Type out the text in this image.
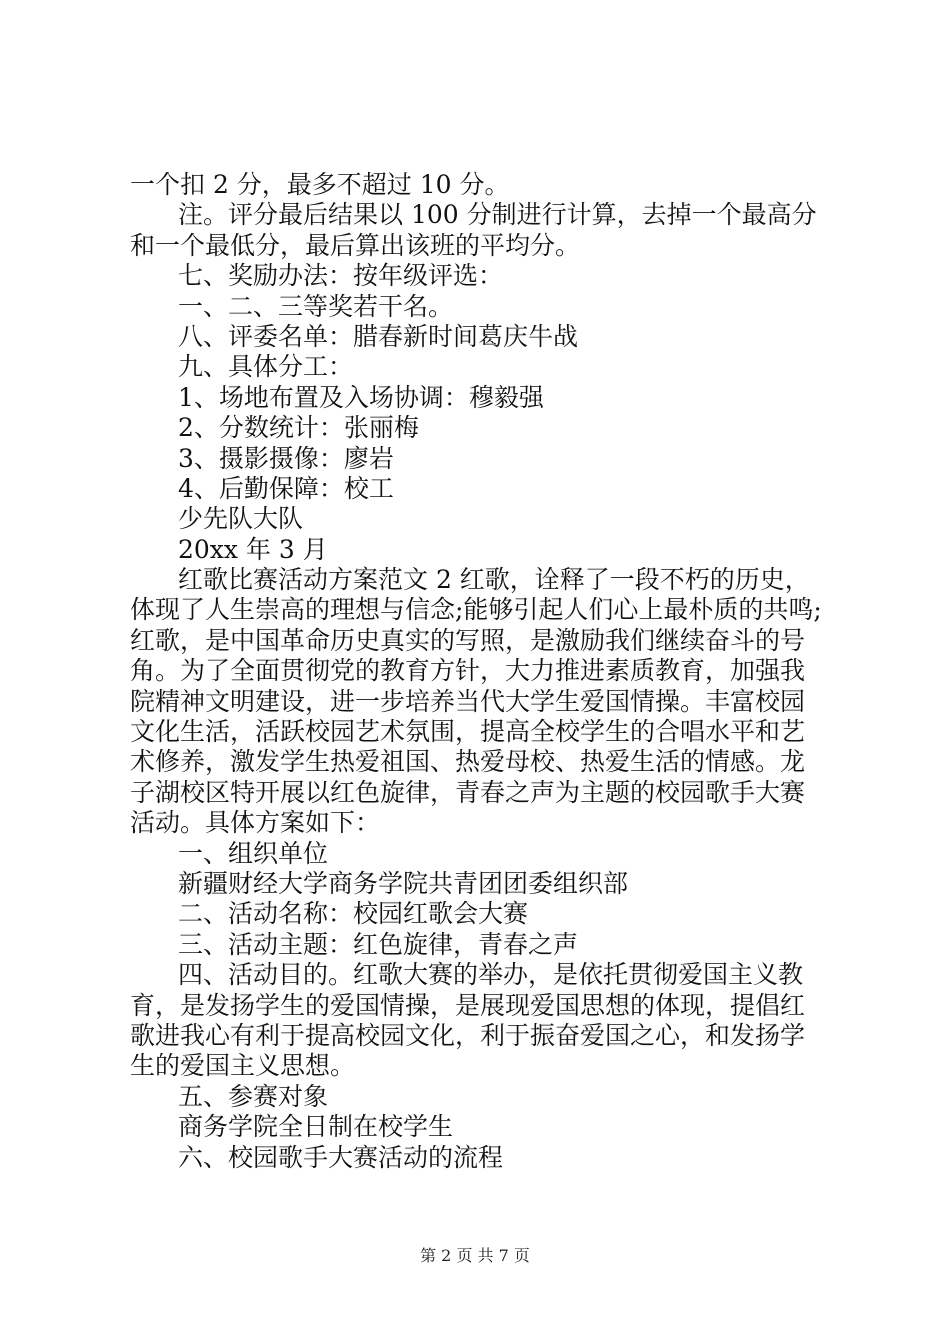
一个扣 2 分，最多不超过 10 分。
注。评分最后结果以 100 分制进行计算，去掉一个最高分
和一个最低分，最后算出该班的平均分。
七、奖励办法：按年级评选：
一、二、三等奖若干名。
八、评委名单：腊春新时间葛庆牛战
九、具体分工：
1、场地布置及入场协调：穆毅强
2、分数统计：张丽梅
3、摄影摄像：廖岩
4、后勤保障：校工
少先队大队
20xx 年 3 月
红歌比赛活动方案范文 2 红歌，诠释了一段不朽的历史，
体现了人生崇高的理想与信念;能够引起人们心上最朴质的共鸣;
红歌，是中国革命历史真实的写照，是激励我们继续奋斗的号
角。为了全面贯彻党的教育方针，大力推进素质教育，加强我
院精神文明建设，进一步培养当代大学生爱国情操。丰富校园
文化生活，活跃校园艺术氛围，提高全校学生的合唱水平和艺
术修养，激发学生热爱祖国、热爱母校、热爱生活的情感。龙
子湖校区特开展以红色旋律，青春之声为主题的校园歌手大赛
活动。具体方案如下：
一、组织单位
新疆财经大学商务学院共青团团委组织部
二、活动名称：校园红歌会大赛
三、活动主题：红色旋律，青春之声
四、活动目的。红歌大赛的举办，是依托贯彻爱国主义教
育，是发扬学生的爱国情操，是展现爱国思想的体现，提倡红
歌进我心有利于提高校园文化，利于振奋爱国之心，和发扬学
生的爱国主义思想。
五、参赛对象
商务学院全日制在校学生
六、校园歌手大赛活动的流程
第 2 页 共 7 页
